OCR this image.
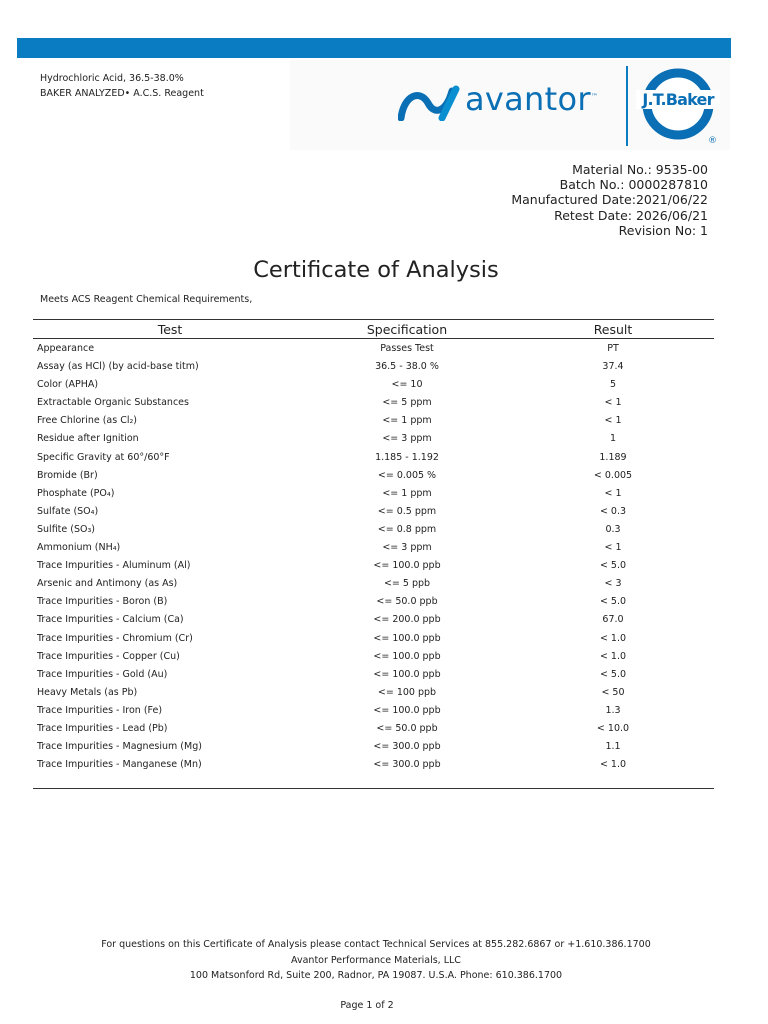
Hydrochloric Acid, 36.5-38.0%
BAKER ANALYZED• A.C.S. Reagent	avantor™
®
J.T.Baker
Material No.: 9535-00
Batch No.: 0000287810
Manufactured Date:2021/06/22
Retest Date: 2026/06/21
Revision No: 1
Certificate of Analysis
Meets ACS Reagent Chemical Requirements,
Test	Specification	Result
Appearance	Passes Test	PT
Assay (as HCl) (by acid-base titm)	36.5 - 38.0 %	37.4
Color (APHA)	<= 10	5
Extractable Organic Substances	<= 5 ppm	< 1
Free Chlorine (as Cl₂)	<= 1 ppm	< 1
Residue after Ignition	<= 3 ppm	1
Specific Gravity at 60°/60°F	1.185 - 1.192	1.189
Bromide (Br)	<= 0.005 %	< 0.005
Phosphate (PO₄)	<= 1 ppm	< 1
Sulfate (SO₄)	<= 0.5 ppm	< 0.3
Sulfite (SO₃)	<= 0.8 ppm	0.3
Ammonium (NH₄)	<= 3 ppm	< 1
Trace Impurities - Aluminum (Al)	<= 100.0 ppb	< 5.0
Arsenic and Antimony (as As)	<= 5 ppb	< 3
Trace Impurities - Boron (B)	<= 50.0 ppb	< 5.0
Trace Impurities - Calcium (Ca)	<= 200.0 ppb	67.0
Trace Impurities - Chromium (Cr)	<= 100.0 ppb	< 1.0
Trace Impurities - Copper (Cu)	<= 100.0 ppb	< 1.0
Trace Impurities - Gold (Au)	<= 100.0 ppb	< 5.0
Heavy Metals (as Pb)	<= 100 ppb	< 50
Trace Impurities - Iron (Fe)	<= 100.0 ppb	1.3
Trace Impurities - Lead (Pb)	<= 50.0 ppb	< 10.0
Trace Impurities - Magnesium (Mg)	<= 300.0 ppb	1.1
Trace Impurities - Manganese (Mn)	<= 300.0 ppb	< 1.0
For questions on this Certificate of Analysis please contact Technical Services at 855.282.6867 or +1.610.386.1700
Avantor Performance Materials, LLC
100 Matsonford Rd, Suite 200, Radnor, PA 19087. U.S.A. Phone: 610.386.1700
Page 1 of 2
